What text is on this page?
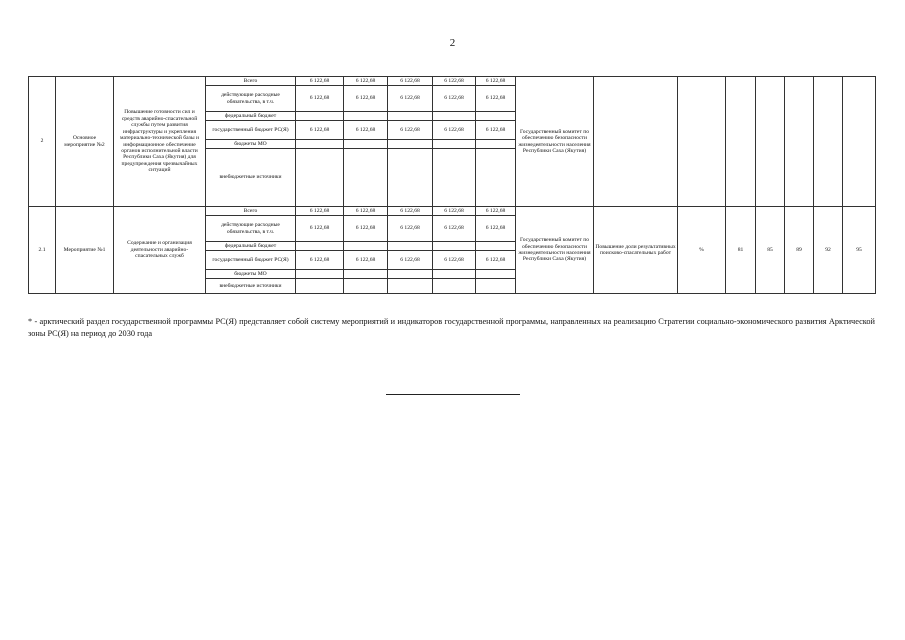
2
2	Основное мероприятие №2	Повышение готовности сил и средств аварийно-спасательной службы путем развития инфраструктуры и укрепления материально-технической базы и информационное обеспечение органов исполнительной власти Республики Саха (Якутия) для предупреждения чрезвычайных ситуаций	Всего	6 122,68	6 122,68	6 122,68	6 122,68	6 122,68	Государственный комитет по обеспечению безопасности жизнедеятельности населения Республики Саха (Якутия)							
			действующие расходные обязательства, в т.ч.	6 122,68	6 122,68	6 122,68	6 122,68	6 122,68								
			федеральный бюджет													
			государственный бюджет РС(Я)	6 122,68	6 122,68	6 122,68	6 122,68	6 122,68								
			бюджеты МО													
			внебюджетные источники													
2.1	Мероприятие №1	Содержание и организация деятельности аварийно-спасательных служб	Всего	6 122,68	6 122,68	6 122,68	6 122,68	6 122,68	Государственный комитет по обеспечению безопасности жизнедеятельности населения Республики Саха (Якутия)	Повышение доли результативных поисково-спасательных работ	%	81	85	89	92	95
			действующие расходные обязательства, в т.ч.	6 122,68	6 122,68	6 122,68	6 122,68	6 122,68								
			федеральный бюджет													
			государственный бюджет РС(Я)	6 122,68	6 122,68	6 122,68	6 122,68	6 122,68								
			бюджеты МО													
			внебюджетные источники													
* - арктический раздел государственной программы РС(Я) представляет собой систему мероприятий и индикаторов государственной программы, направленных на реализацию Стратегии социально-экономического развития Арктической зоны РС(Я) на период до 2030 года
